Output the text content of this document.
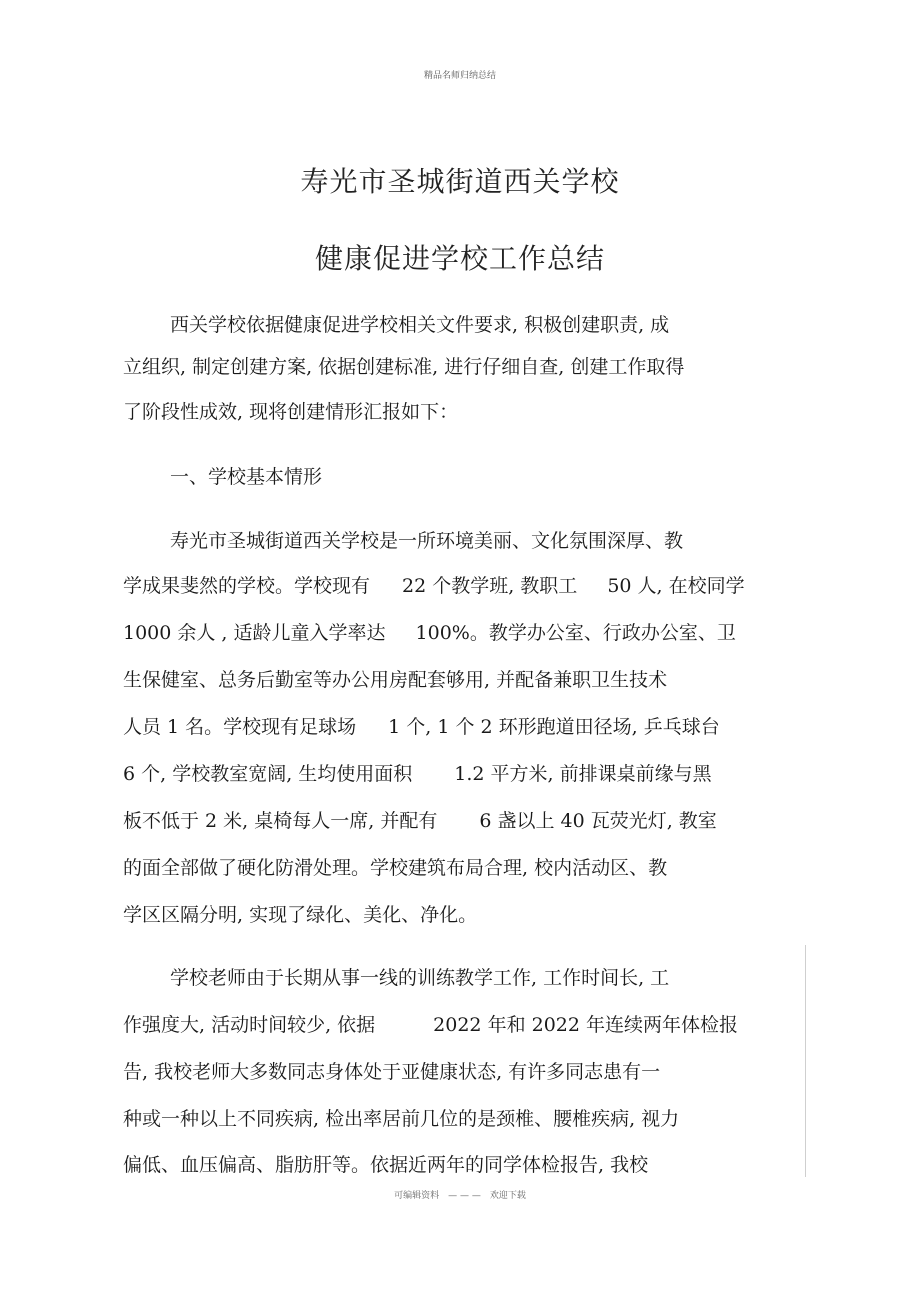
精品名师归纳总结
寿光市圣城街道西关学校
健康促进学校工作总结
西关学校依据健康促进学校相关文件要求, 积极创建职责, 成
立组织, 制定创建方案, 依据创建标准, 进行仔细自查, 创建工作取得
了阶段性成效, 现将创建情形汇报如下：
一、学校基本情形
寿光市圣城街道西关学校是一所环境美丽、文化氛围深厚、教
学成果斐然的学校。学校现有 22 个教学班, 教职工 50 人, 在校同学
1000 余人 , 适龄儿童入学率达 100%。教学办公室、行政办公室、卫
生保健室、总务后勤室等办公用房配套够用, 并配备兼职卫生技术
人员 1 名。学校现有足球场 1 个, 1 个 2 环形跑道田径场, 乒乓球台
6 个, 学校教室宽阔, 生均使用面积 1.2 平方米, 前排课桌前缘与黑
板不低于 2 米, 桌椅每人一席, 并配有 6 盏以上 40 瓦荧光灯, 教室
的面全部做了硬化防滑处理。学校建筑布局合理, 校内活动区、教
学区区隔分明, 实现了绿化、美化、净化。
学校老师由于长期从事一线的训练教学工作, 工作时间长, 工
作强度大, 活动时间较少, 依据	2022 年和 2022 年连续两年体检报
告, 我校老师大多数同志身体处于亚健康状态, 有许多同志患有一
种或一种以上不同疾病, 检出率居前几位的是颈椎、腰椎疾病, 视力
偏低、血压偏高、脂肪肝等。依据近两年的同学体检报告, 我校
可编辑资料　— — —　欢迎下载
